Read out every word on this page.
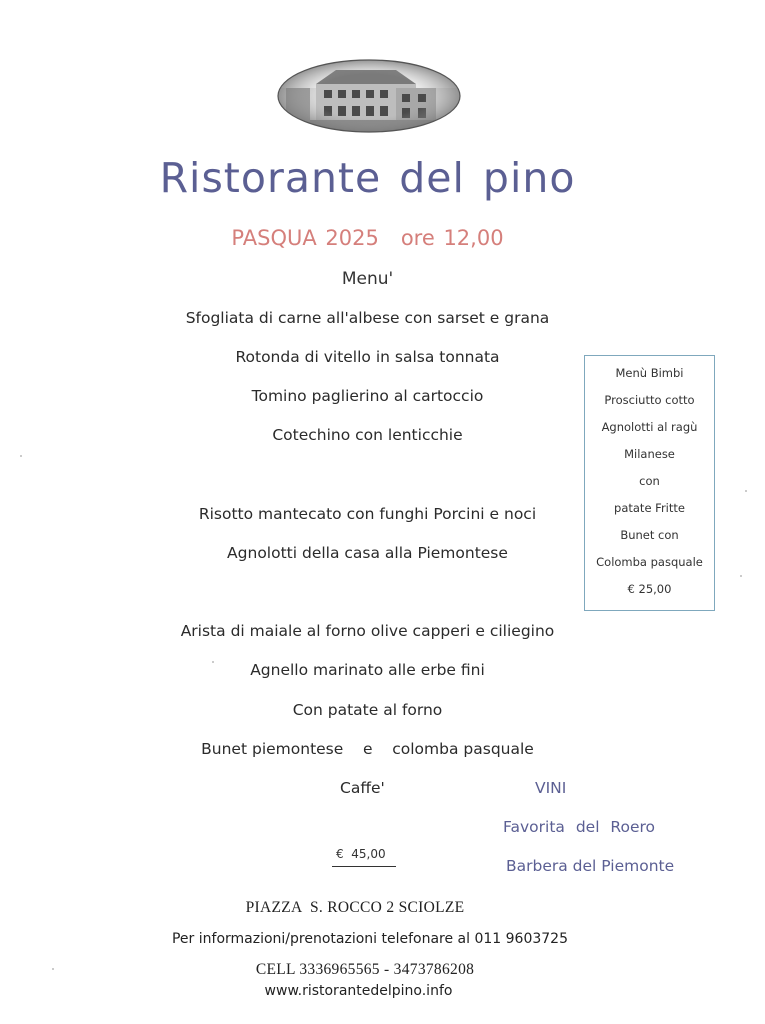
Ristorante del pino
PASQUA 2025 ore 12,00
Menu'
Sfogliata di carne all'albese con sarset e grana
Rotonda di vitello in salsa tonnata
Tomino paglierino al cartoccio
Cotechino con lenticchie
Risotto mantecato con funghi Porcini e noci
Agnolotti della casa alla Piemontese
Arista di maiale al forno olive capperi e ciliegino
Agnello marinato alle erbe fini
Con patate al forno
Bunet piemontese    e    colomba pasquale
Menù Bimbi
Prosciutto cotto
Agnolotti al ragù
Milanese
con
patate Fritte
Bunet con
Colomba pasquale
€ 25,00
Caffe'	VINI
Favorita del Roero
Barbera del Piemonte
€  45,00
PIAZZA  S. ROCCO 2 SCIOLZE
Per informazioni/prenotazioni telefonare al 011 9603725
CELL 3336965565 - 3473786208
www.ristorantedelpino.info
